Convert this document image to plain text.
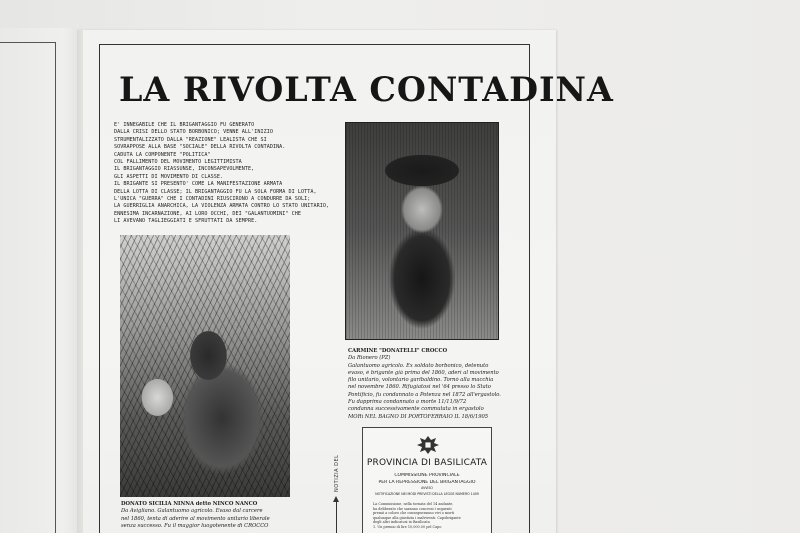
LA RIVOLTA CONTADINA
E' INNEGABILE CHE IL BRIGANTAGGIO FU GENERATO
DALLA CRISI DELLO STATO BORBONICO; VENNE ALL'INIZIO
STRUMENTALIZZATO DALLA "REAZIONE" LEALISTA CHE SI
SOVRAPPOSE ALLA BASE "SOCIALE" DELLA RIVOLTA CONTADINA.
CADUTA LA COMPONENTE "POLITICA"
COL FALLIMENTO DEL MOVIMENTO LEGITTIMISTA
IL BRIGANTAGGIO RIASSUNSE, INCONSAPEVOLMENTE,
GLI ASPETTI DI MOVIMENTO DI CLASSE.
IL BRIGANTE SI PRESENTO' COME LA MANIFESTAZIONE ARMATA
DELLA LOTTA DI CLASSE; IL BRIGANTAGGIO FU LA SOLA FORMA DI LOTTA,
L'UNICA "GUERRA" CHE I CONTADINI RIUSCIRONO A CONDURRE DA SOLI;
LA GUERRIGLIA ANARCHICA, LA VIOLENZA ARMATA CONTRO LO STATO UNITARIO,
ENNESIMA INCARNAZIONE, AI LORO OCCHI, DEI "GALANTUOMINI" CHE
LI AVEVANO TAGLIEGGIATI E SFRUTTATI DA SEMPRE.
CARMINE "DONATELLI" CROCCO
Da Rionero (PZ)
Galantuomo agricolo. Ex soldato borbonico, detenuto
evaso, è brigante già prima del 1860, aderì al movimento
filo unitario, volontario garibaldino. Tornò alla macchia
nel novembre 1860. Rifugiatosi nel '64 presso lo Stato
Pontificio, fu condannato a Potenza nel 1872 all'ergastolo.
Fu dapprima condannato a morte 11/11/9/72
condanna successivamente commutata in ergastolo
MORì NEL BAGNO DI PORTOFERRAIO IL 18/6/1905
DONATO SICILIA NINNA detto NINCO NANCO
Da Avigliano. Galantuomo agricolo. Evaso dal carcere
nel 1860, tenta di aderire al movimento unitario liberale
senza successo. Fu il maggior luogotenente di CROCCO
NOTIZIA DEL	PROVINCIA DI BASILICATA
COMMISSIONE PROVINCIALE
PER LA REPRESSIONE DEL BRIGANTAGGIO
AVVISO
NOTIFICAZIONE NEI MODI PREVISTI DELLA LEGGE NUMERO 1409
La Commissione, nella tornata del 14 andante,
ha deliberato che saranno concessi i seguenti
premii a coloro che consegneranno vivi o morti
qualunque alla giustizia i malviventi. Capobrigante
degli altri indicatosi in Basilicata
1. Un premio di lire 10,000.00 pel Capo
